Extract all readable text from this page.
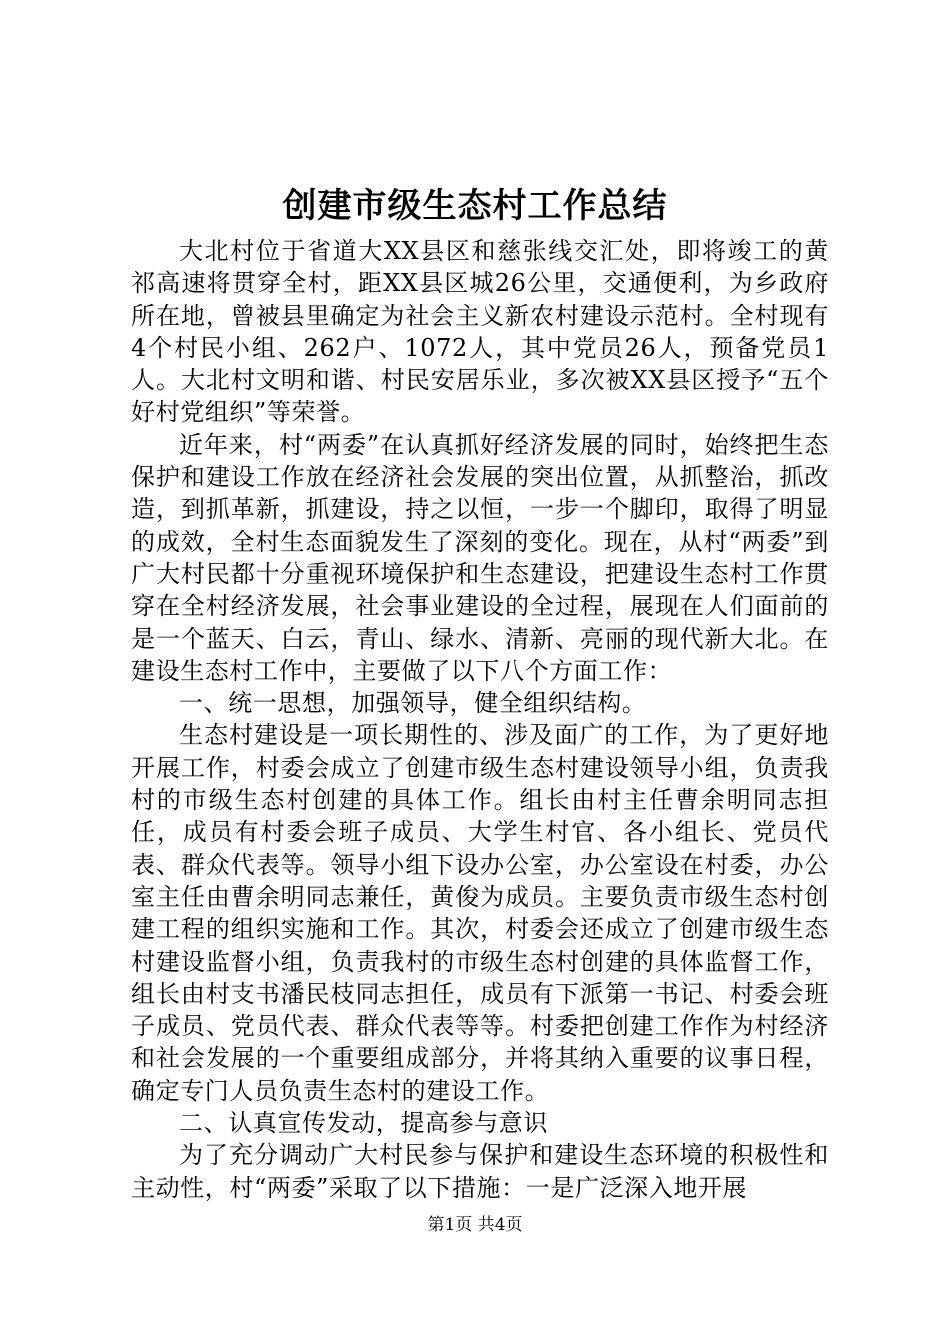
创建市级生态村工作总结

大北村位于省道大XX县区和慈张线交汇处，即将竣工的黄祁高速将贯穿全村，距XX县区城26公里，交通便利，为乡政府所在地，曾被县里确定为社会主义新农村建设示范村。全村现有4个村民小组、262户、1072人，其中党员26人，预备党员1人。大北村文明和谐、村民安居乐业，多次被XX县区授予“五个好村党组织”等荣誉。

近年来，村“两委”在认真抓好经济发展的同时，始终把生态保护和建设工作放在经济社会发展的突出位置，从抓整治，抓改造，到抓革新，抓建设，持之以恒，一步一个脚印，取得了明显的成效，全村生态面貌发生了深刻的变化。现在，从村“两委”到广大村民都十分重视环境保护和生态建设，把建设生态村工作贯穿在全村经济发展，社会事业建设的全过程，展现在人们面前的是一个蓝天、白云，青山、绿水、清新、亮丽的现代新大北。在建设生态村工作中，主要做了以下八个方面工作：

一、统一思想，加强领导，健全组织结构。

生态村建设是一项长期性的、涉及面广的工作，为了更好地开展工作，村委会成立了创建市级生态村建设领导小组，负责我村的市级生态村创建的具体工作。组长由村主任曹余明同志担任，成员有村委会班子成员、大学生村官、各小组长、党员代表、群众代表等。领导小组下设办公室，办公室设在村委，办公室主任由曹余明同志兼任，黄俊为成员。主要负责市级生态村创建工程的组织实施和工作。其次，村委会还成立了创建市级生态村建设监督小组，负责我村的市级生态村创建的具体监督工作，组长由村支书潘民枝同志担任，成员有下派第一书记、村委会班子成员、党员代表、群众代表等等。村委把创建工作作为村经济和社会发展的一个重要组成部分，并将其纳入重要的议事日程，确定专门人员负责生态村的建设工作。

二、认真宣传发动，提高参与意识

为了充分调动广大村民参与保护和建设生态环境的积极性和主动性，村“两委”采取了以下措施：一是广泛深入地开展

第1页 共4页
